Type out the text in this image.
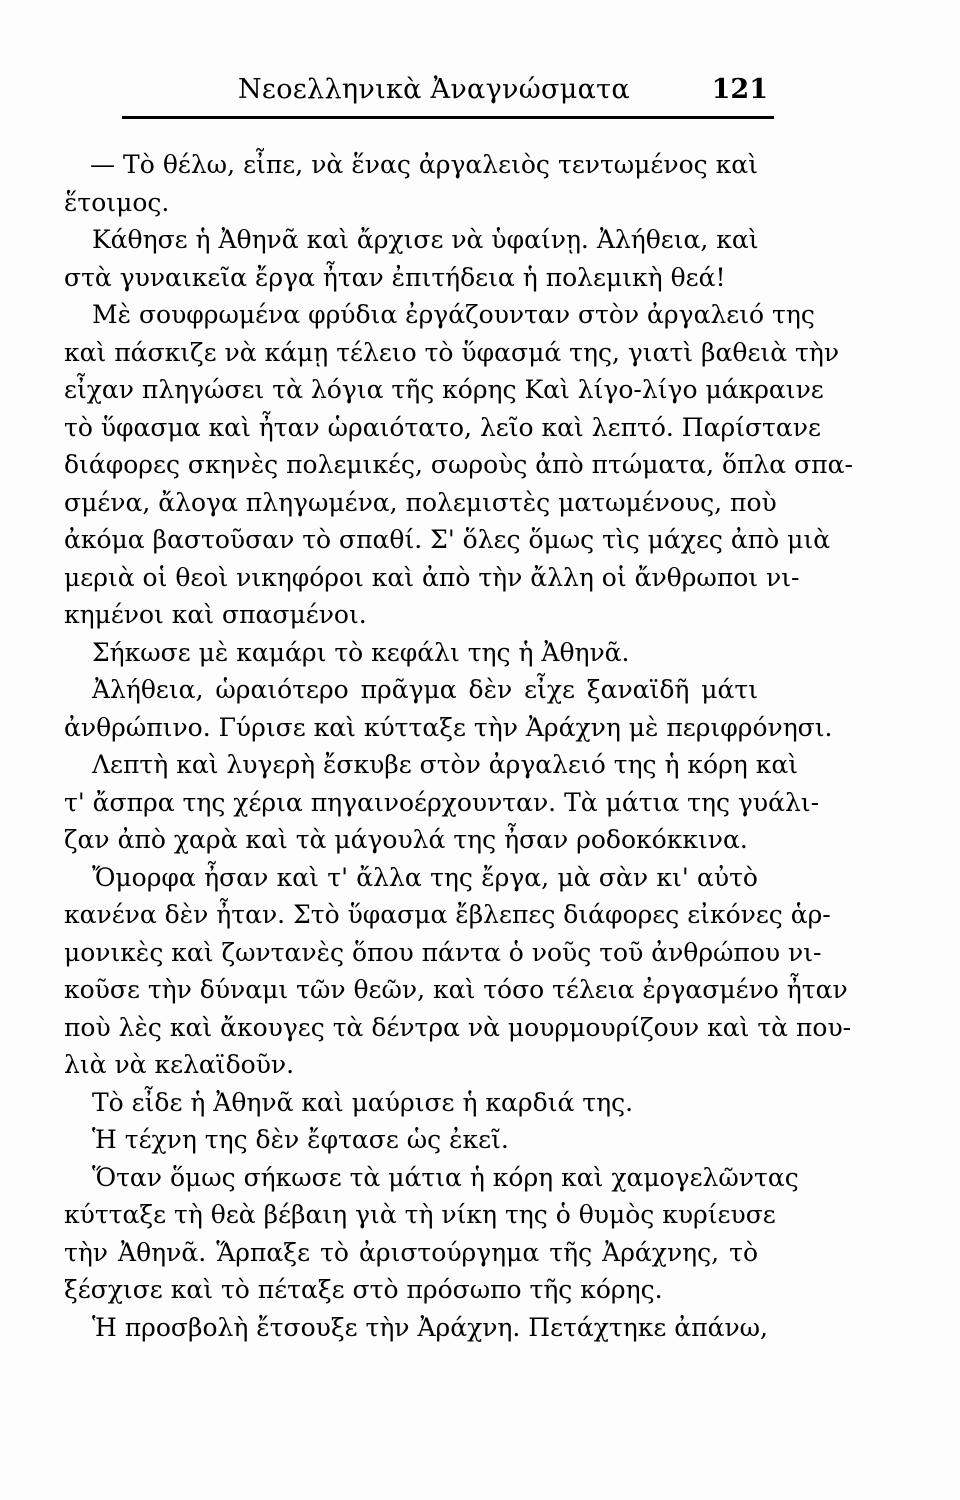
Νεοελληνικὰ Ἀναγνώσματα	121
— Τὸ θέλω, εἶπε, νὰ ἕνας ἀργαλειὸς τεντωμένος καὶ
ἕτοιμος.
Κάθησε ἡ Ἀθηνᾶ καὶ ἄρχισε νὰ ὑφαίνῃ. Ἀλήθεια, καὶ
στὰ γυναικεῖα ἔργα ἦταν ἐπιτήδεια ἡ πολεμικὴ θεά!
Μὲ σουφρωμένα φρύδια ἐργάζουνταν στὸν ἀργαλειό της
καὶ πάσκιζε νὰ κάμῃ τέλειο τὸ ὕφασμά της, γιατὶ βαθειὰ τὴν
εἶχαν πληγώσει τὰ λόγια τῆς κόρης Καὶ λίγο-λίγο μάκραινε
τὸ ὕφασμα καὶ ἦταν ὡραιότατο, λεῖο καὶ λεπτό. Παρίστανε
διάφορες σκηνὲς πολεμικές, σωροὺς ἀπὸ πτώματα, ὅπλα σπα-
σμένα, ἄλογα πληγωμένα, πολεμιστὲς ματωμένους, ποὺ
ἀκόμα βαστοῦσαν τὸ σπαθί. Σ' ὅλες ὅμως τὶς μάχες ἀπὸ μιὰ
μεριὰ οἱ θεοὶ νικηφόροι καὶ ἀπὸ τὴν ἄλλη οἱ ἄνθρωποι νι-
κημένοι καὶ σπασμένοι.
Σήκωσε μὲ καμάρι τὸ κεφάλι της ἡ Ἀθηνᾶ.
Ἀλήθεια, ὡραιότερο πρᾶγμα δὲν εἶχε ξαναϊδῆ μάτι
ἀνθρώπινο. Γύρισε καὶ κύτταξε τὴν Ἀράχνη μὲ περιφρόνησι.
Λεπτὴ καὶ λυγερὴ ἔσκυβε στὸν ἀργαλειό της ἡ κόρη καὶ
τ' ἄσπρα της χέρια πηγαινοέρχουνταν. Τὰ μάτια της γυάλι-
ζαν ἀπὸ χαρὰ καὶ τὰ μάγουλά της ἦσαν ροδοκόκκινα.
Ὄμορφα ἦσαν καὶ τ' ἄλλα της ἔργα, μὰ σὰν κι' αὐτὸ
κανένα δὲν ἦταν. Στὸ ὕφασμα ἔβλεπες διάφορες εἰκόνες ἁρ-
μονικὲς καὶ ζωντανὲς ὅπου πάντα ὁ νοῦς τοῦ ἀνθρώπου νι-
κοῦσε τὴν δύναμι τῶν θεῶν, καὶ τόσο τέλεια ἐργασμένο ἦταν
ποὺ λὲς καὶ ἄκουγες τὰ δέντρα νὰ μουρμουρίζουν καὶ τὰ που-
λιὰ νὰ κελαϊδοῦν.
Τὸ εἶδε ἡ Ἀθηνᾶ καὶ μαύρισε ἡ καρδιά της.
Ἡ τέχνη της δὲν ἔφτασε ὡς ἐκεῖ.
Ὅταν ὅμως σήκωσε τὰ μάτια ἡ κόρη καὶ χαμογελῶντας
κύτταξε τὴ θεὰ βέβαιη γιὰ τὴ νίκη της ὁ θυμὸς κυρίευσε
τὴν Ἀθηνᾶ. Ἅρπαξε τὸ ἀριστούργημα τῆς Ἀράχνης, τὸ
ξέσχισε καὶ τὸ πέταξε στὸ πρόσωπο τῆς κόρης.
Ἡ προσβολὴ ἔτσουξε τὴν Ἀράχνη. Πετάχτηκε ἀπάνω,
